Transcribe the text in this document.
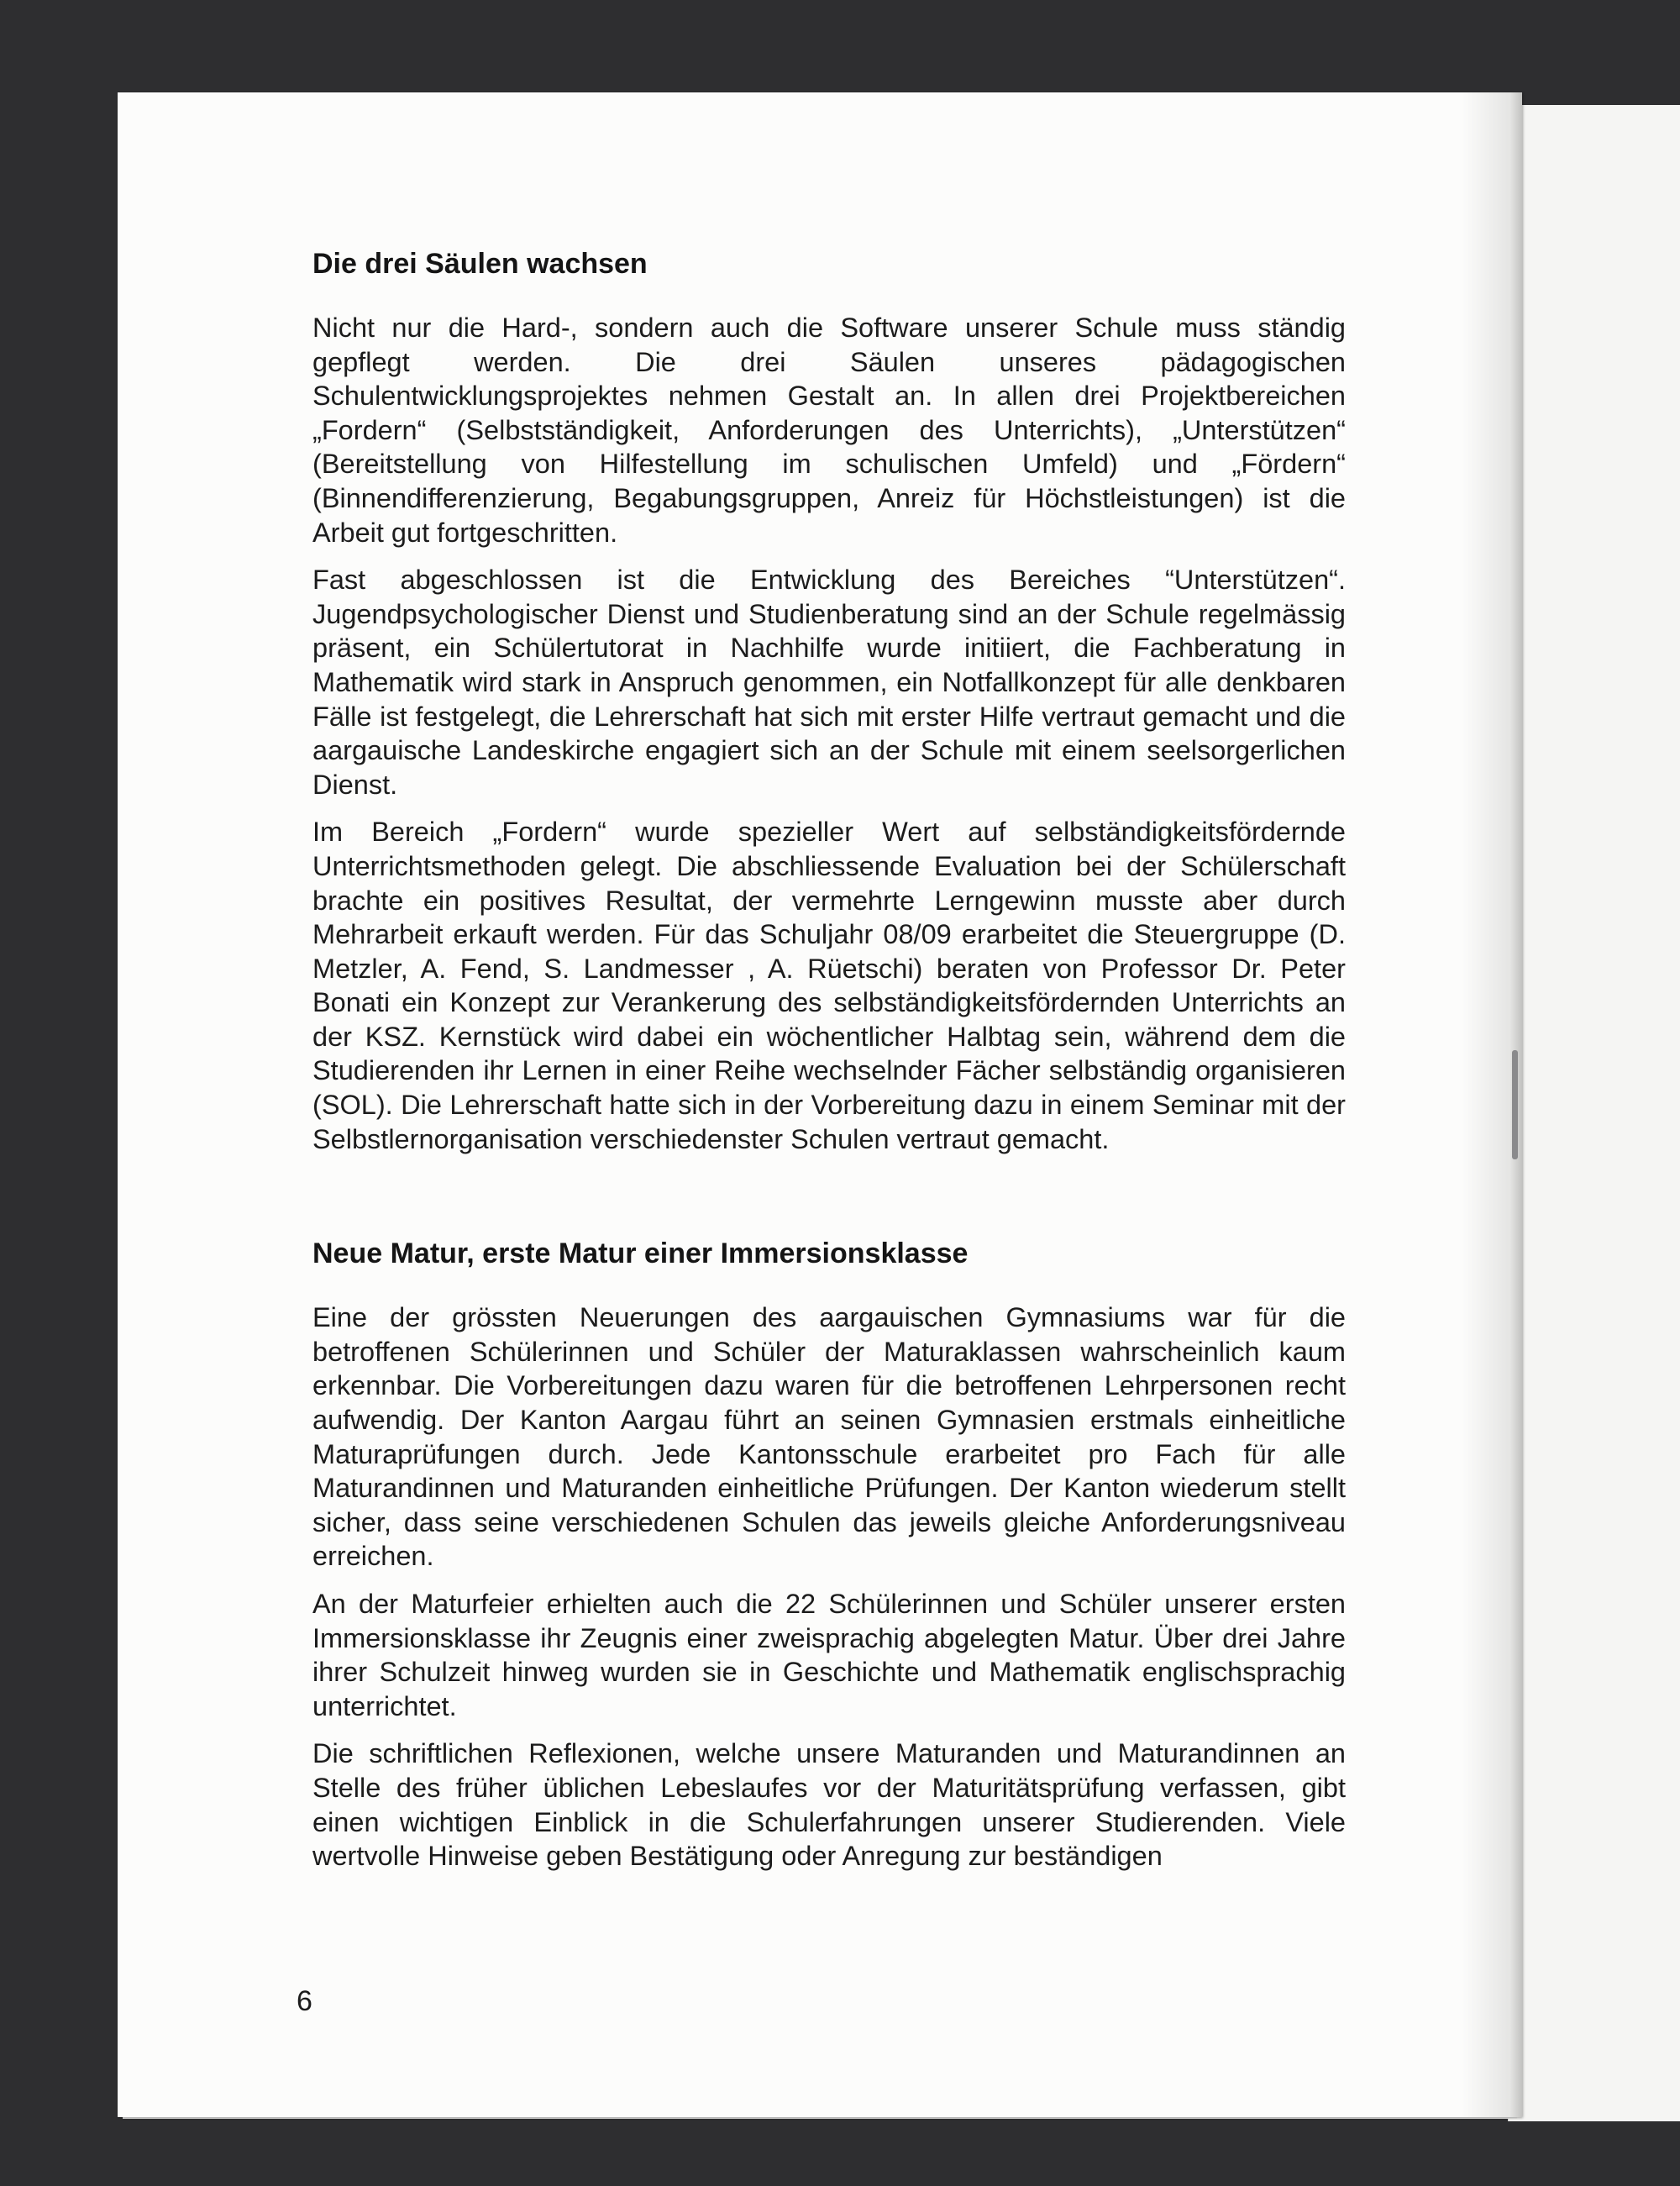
Die drei Säulen wachsen

Nicht nur die Hard-, sondern auch die Software unserer Schule muss ständig gepflegt werden. Die drei Säulen unseres pädagogischen Schulentwicklungsprojektes nehmen Gestalt an. In allen drei Projektbereichen „Fordern“ (Selbstständigkeit, Anforderungen des Unterrichts), „Unterstützen“ (Bereitstellung von Hilfestellung im schulischen Umfeld) und „Fördern“ (Binnendifferenzierung, Begabungsgruppen, Anreiz für Höchstleistungen) ist die Arbeit gut fortgeschritten.

Fast abgeschlossen ist die Entwicklung des Bereiches “Unterstützen“. Jugendpsychologischer Dienst und Studienberatung sind an der Schule regelmässig präsent, ein Schülertutorat in Nachhilfe wurde initiiert, die Fachberatung in Mathematik wird stark in Anspruch genommen, ein Notfallkonzept für alle denkbaren Fälle ist festgelegt, die Lehrerschaft hat sich mit erster Hilfe vertraut gemacht und die aargauische Landeskirche engagiert sich an der Schule mit einem seelsorgerlichen Dienst.

Im Bereich „Fordern“ wurde spezieller Wert auf selbständigkeitsfördernde Unterrichtsmethoden gelegt. Die abschliessende Evaluation bei der Schülerschaft brachte ein positives Resultat, der vermehrte Lerngewinn musste aber durch Mehrarbeit erkauft werden. Für das Schuljahr 08/09 erarbeitet die Steuergruppe (D. Metzler, A. Fend, S. Landmesser , A. Rüetschi) beraten von Professor Dr. Peter Bonati ein Konzept zur Verankerung des selbständigkeitsfördernden Unterrichts an der KSZ. Kernstück wird dabei ein wöchentlicher Halbtag sein, während dem die Studierenden ihr Lernen in einer Reihe wechselnder Fächer selbständig organisieren (SOL). Die Lehrerschaft hatte sich in der Vorbereitung dazu in einem Seminar mit der Selbstlernorganisation verschiedenster Schulen vertraut gemacht.

Neue Matur, erste Matur einer Immersionsklasse

Eine der grössten Neuerungen des aargauischen Gymnasiums war für die betroffenen Schülerinnen und Schüler der Maturaklassen wahrscheinlich kaum erkennbar. Die Vorbereitungen dazu waren für die betroffenen Lehrpersonen recht aufwendig. Der Kanton Aargau führt an seinen Gymnasien erstmals einheitliche Maturaprüfungen durch. Jede Kantonsschule erarbeitet pro Fach für alle Maturandinnen und Maturanden einheitliche Prüfungen. Der Kanton wiederum stellt sicher, dass seine verschiedenen Schulen das jeweils gleiche Anforderungsniveau erreichen.

An der Maturfeier erhielten auch die 22 Schülerinnen und Schüler unserer ersten Immersionsklasse ihr Zeugnis einer zweisprachig abgelegten Matur. Über drei Jahre ihrer Schulzeit hinweg wurden sie in Geschichte und Mathematik englischsprachig unterrichtet.

Die schriftlichen Reflexionen, welche unsere Maturanden und Maturandinnen an Stelle des früher üblichen Lebeslaufes vor der Maturitätsprüfung verfassen, gibt einen wichtigen Einblick in die Schulerfahrungen unserer Studierenden. Viele wertvolle Hinweise geben Bestätigung oder Anregung zur beständigen

6
